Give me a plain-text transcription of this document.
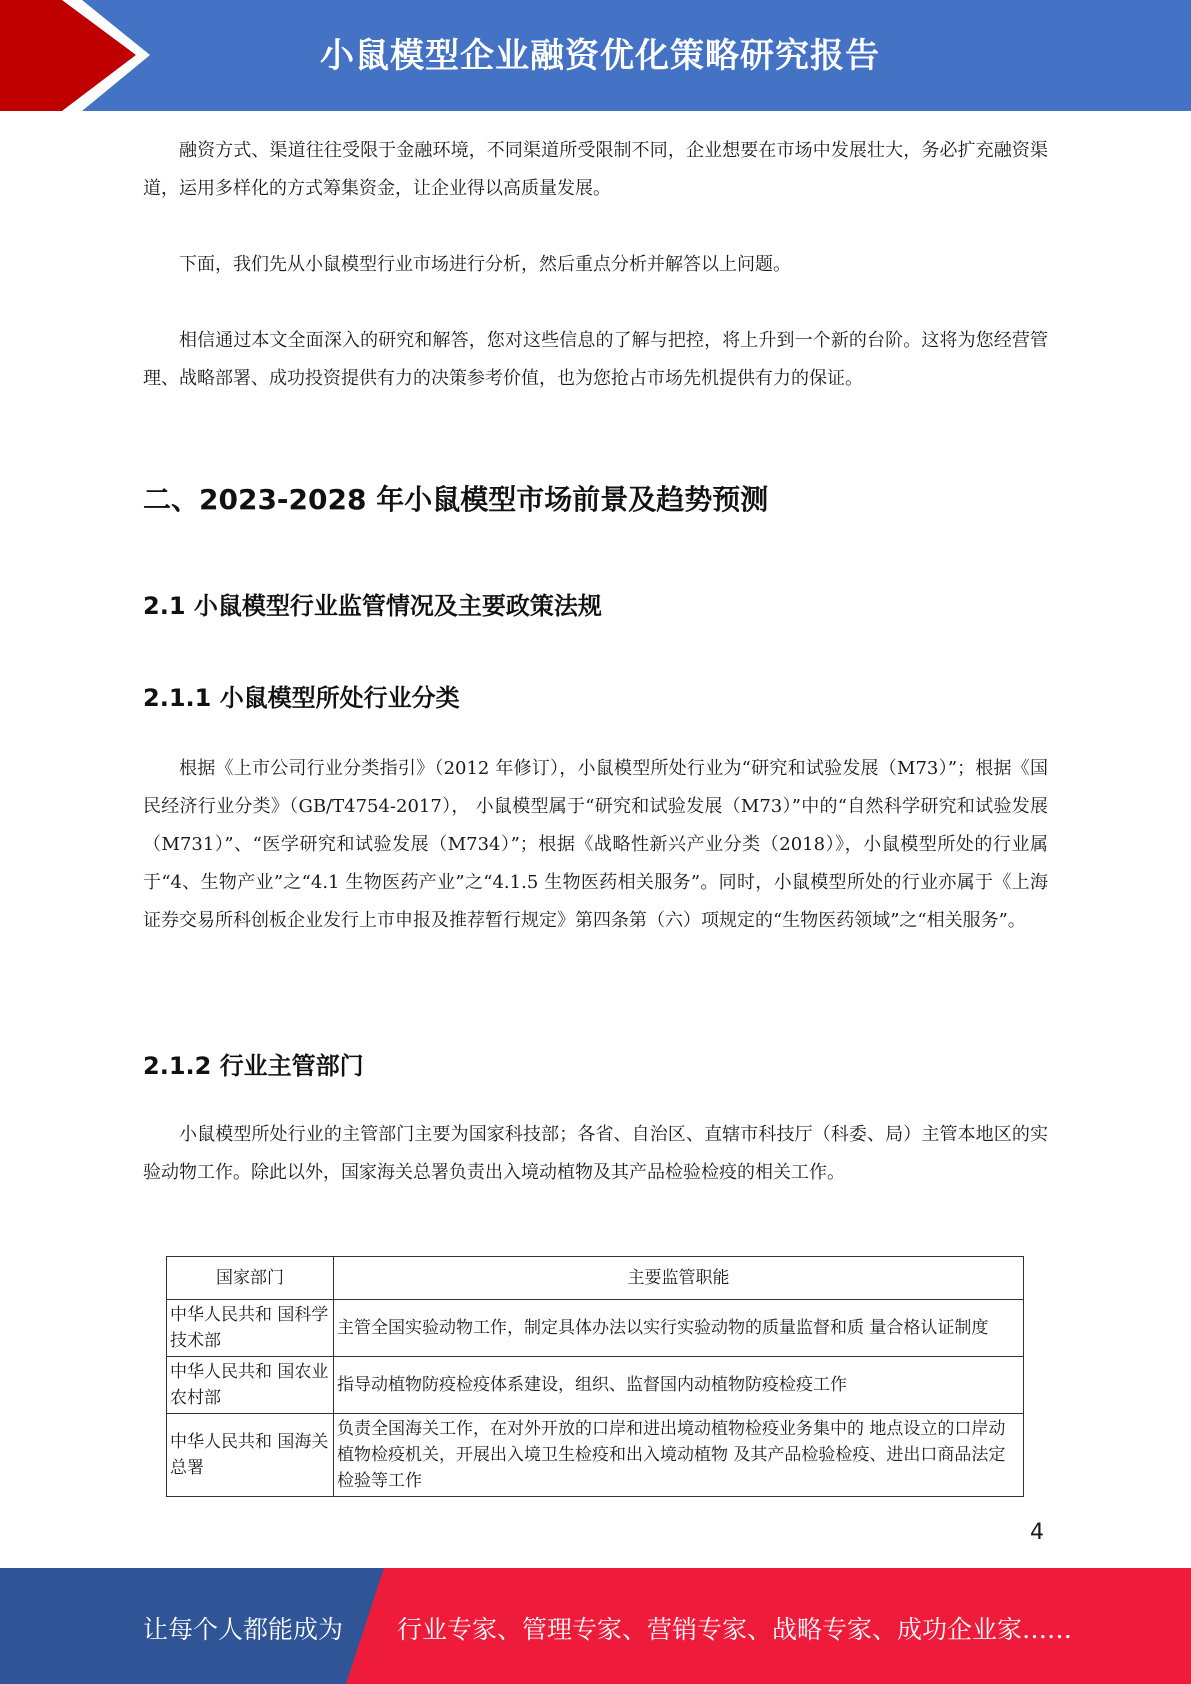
小鼠模型企业融资优化策略研究报告

融资方式、渠道往往受限于金融环境，不同渠道所受限制不同，企业想要在市场中发展壮大，务必扩充融资渠道，运用多样化的方式筹集资金，让企业得以高质量发展。

下面，我们先从小鼠模型行业市场进行分析，然后重点分析并解答以上问题。

相信通过本文全面深入的研究和解答，您对这些信息的了解与把控，将上升到一个新的台阶。这将为您经营管理、战略部署、成功投资提供有力的决策参考价值，也为您抢占市场先机提供有力的保证。

二、2023-2028 年小鼠模型市场前景及趋势预测
2.1 小鼠模型行业监管情况及主要政策法规
2.1.1 小鼠模型所处行业分类

根据《上市公司行业分类指引》（2012 年修订），小鼠模型所处行业为“研究和试验发展（M73）”；根据《国民经济行业分类》（GB/T4754-2017）， 小鼠模型属于“研究和试验发展（M73）”中的“自然科学研究和试验发展（M731）”、“医学研究和试验发展（M734）”；根据《战略性新兴产业分类（2018）》，小鼠模型所处的行业属于“4、生物产业”之“4.1 生物医药产业”之“4.1.5 生物医药相关服务”。同时，小鼠模型所处的行业亦属于《上海证券交易所科创板企业发行上市申报及推荐暂行规定》第四条第（六）项规定的“生物医药领域”之“相关服务”。

2.1.2 行业主管部门

小鼠模型所处行业的主管部门主要为国家科技部；各省、自治区、直辖市科技厅（科委、局）主管本地区的实验动物工作。除此以外，国家海关总署负责出入境动植物及其产品检验检疫的相关工作。

国家部门	主要监管职能
中华人民共和 国科学技术部	主管全国实验动物工作，制定具体办法以实行实验动物的质量监督和质 量合格认证制度
中华人民共和 国农业农村部	指导动植物防疫检疫体系建设，组织、监督国内动植物防疫检疫工作
中华人民共和 国海关总署	负责全国海关工作，在对外开放的口岸和进出境动植物检疫业务集中的 地点设立的口岸动植物检疫机关，开展出入境卫生检疫和出入境动植物 及其产品检验检疫、进出口商品法定检验等工作
4
让每个人都能成为 行业专家、管理专家、营销专家、战略专家、成功企业家……
